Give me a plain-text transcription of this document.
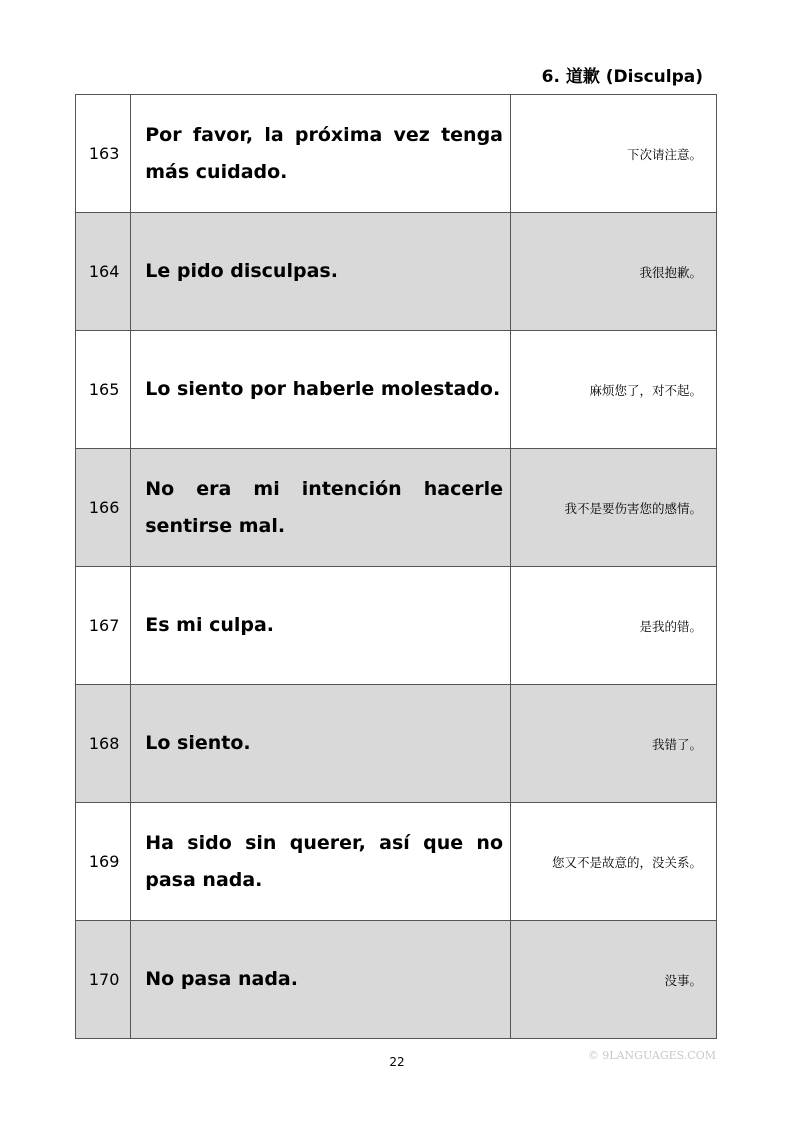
6. 道歉 (Disculpa)
163	Por favor, la próxima vez tenga más cuidado.	下次请注意。
164	Le pido disculpas.	我很抱歉。
165	Lo siento por haberle molestado.	麻烦您了，对不起。
166	No era mi intención hacerle sentirse mal.	我不是要伤害您的感情。
167	Es mi culpa.	是我的错。
168	Lo siento.	我错了。
169	Ha sido sin querer, así que no pasa nada.	您又不是故意的，没关系。
170	No pasa nada.	没事。
22	© 9LANGUAGES.COM
